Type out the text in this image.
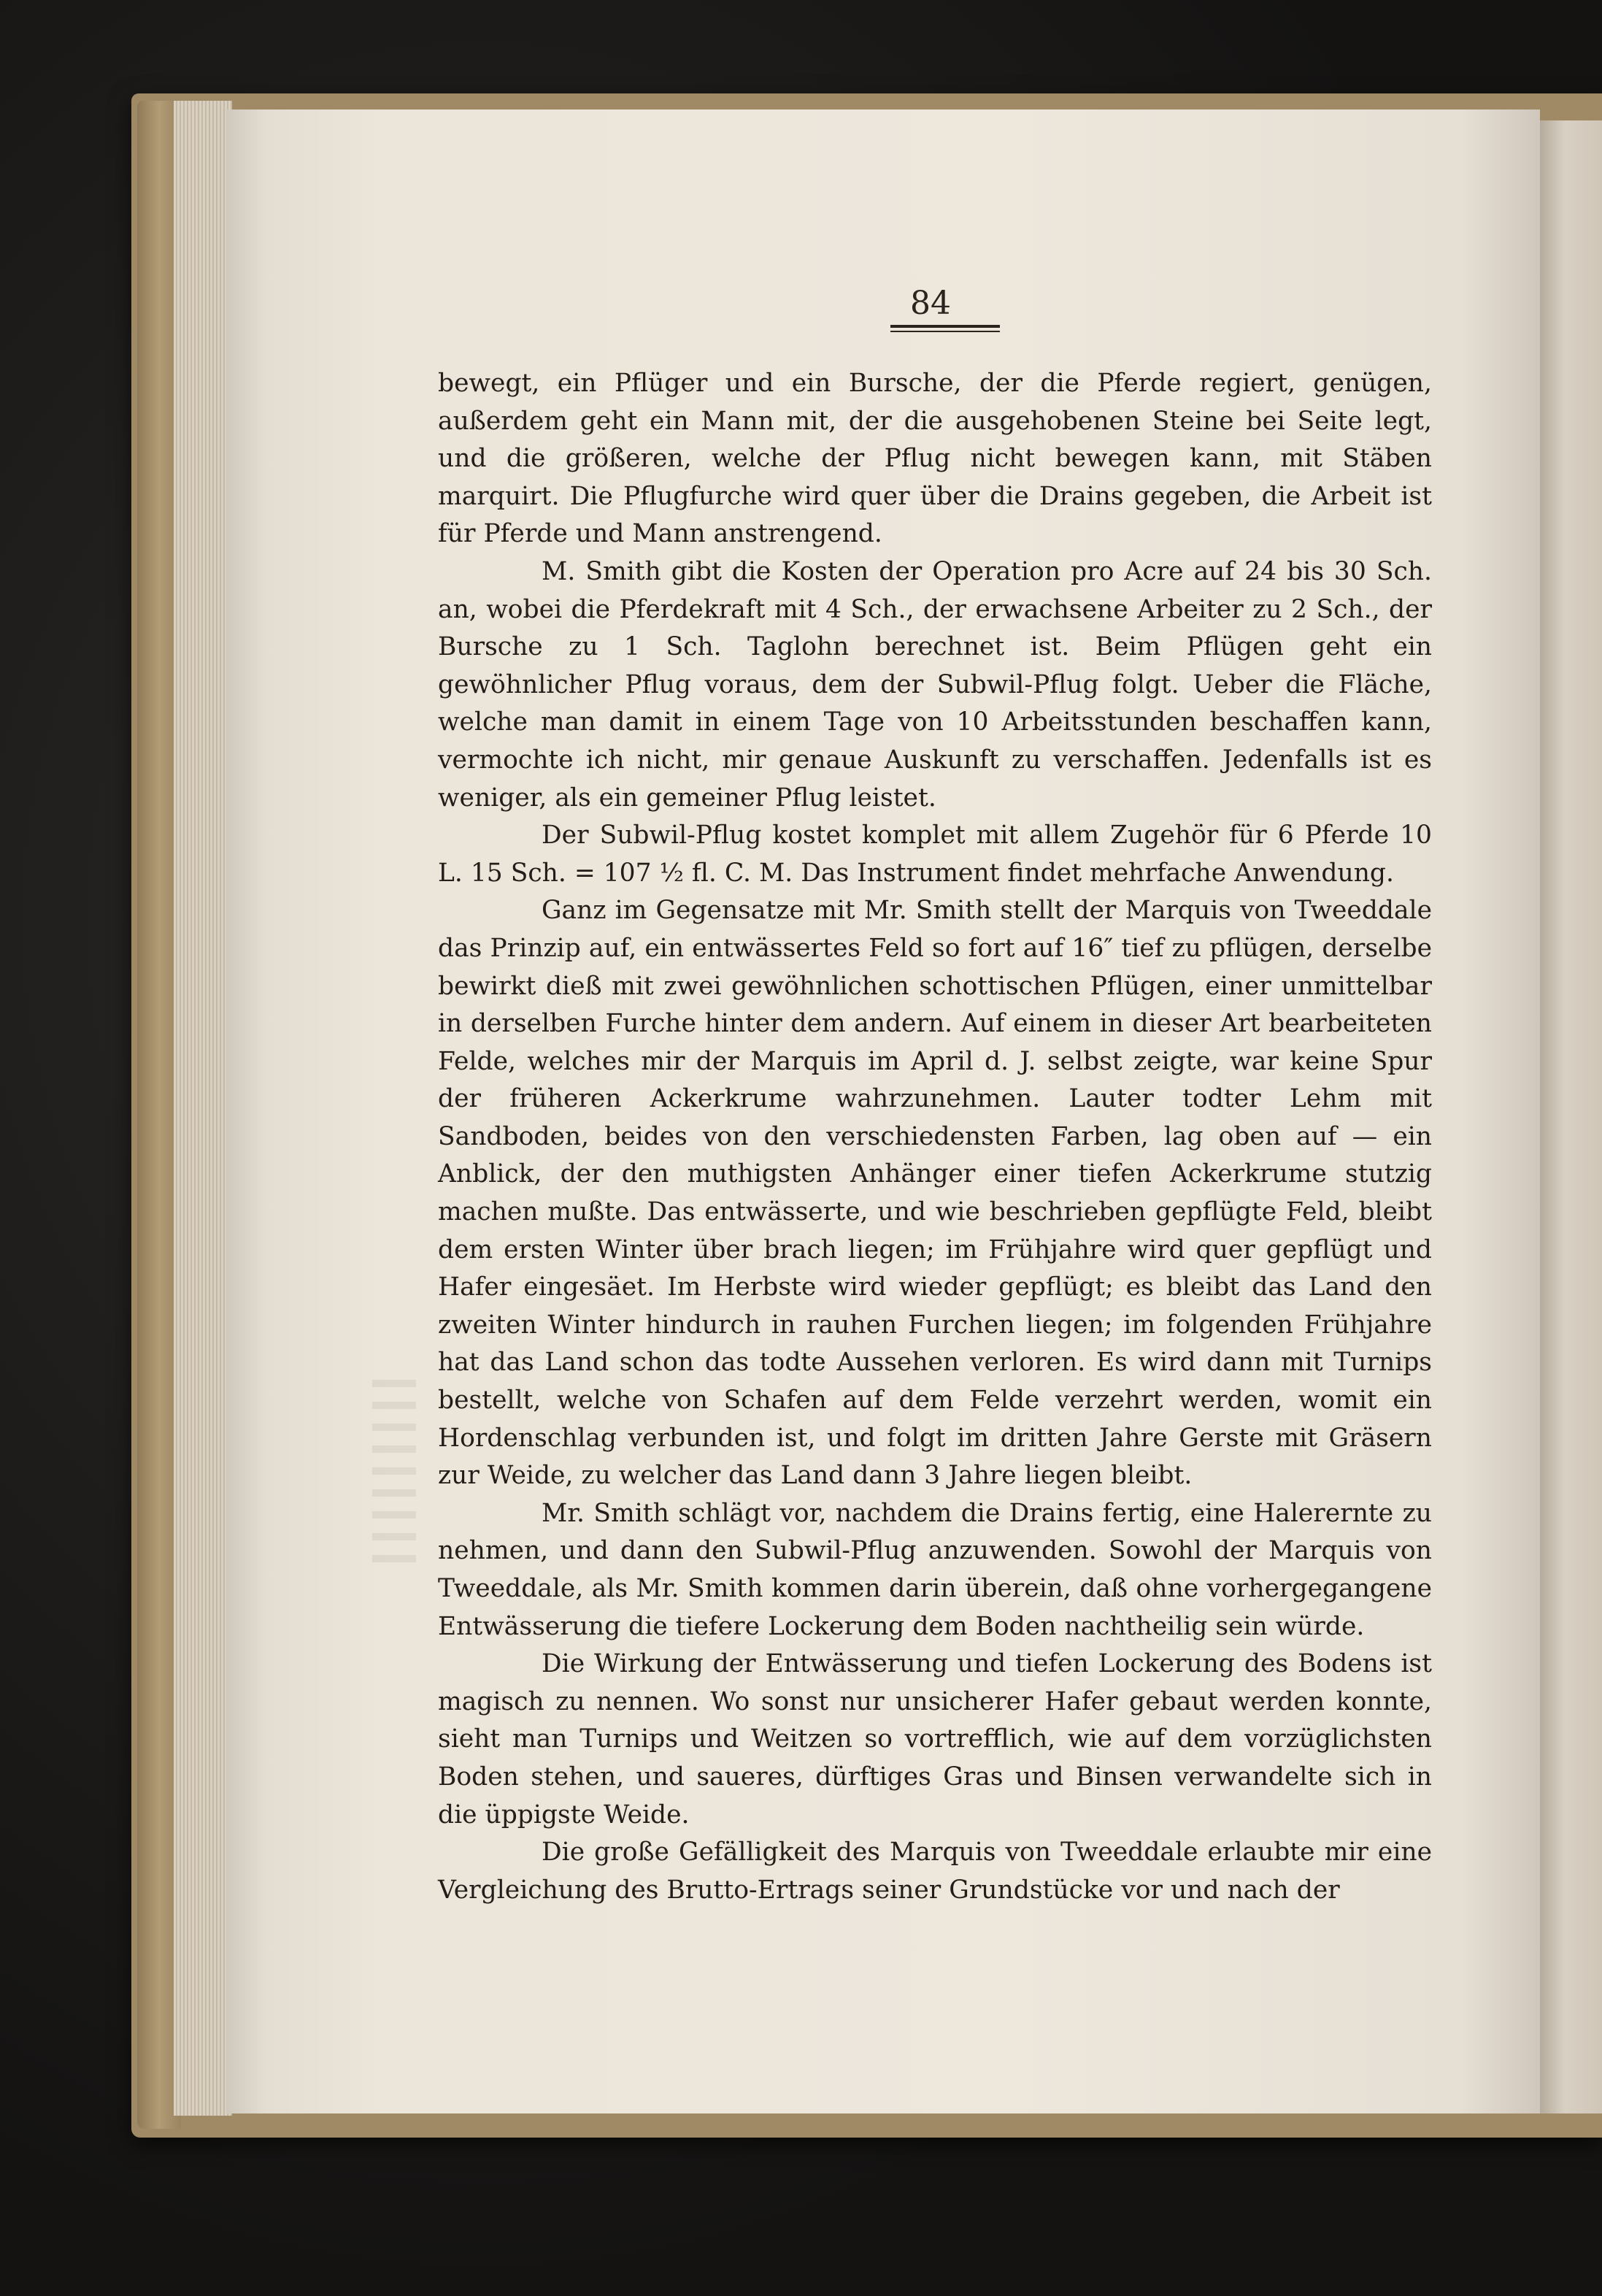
84

bewegt, ein Pflüger und ein Bursche, der die Pferde regiert, genügen, außerdem geht ein Mann mit, der die ausgehobenen Steine bei Seite legt, und die größeren, welche der Pflug nicht bewegen kann, mit Stäben marquirt. Die Pflugfurche wird quer über die Drains gegeben, die Arbeit ist für Pferde und Mann anstrengend.

M. Smith gibt die Kosten der Operation pro Acre auf 24 bis 30 Sch. an, wobei die Pferdekraft mit 4 Sch., der erwachsene Arbeiter zu 2 Sch., der Bursche zu 1 Sch. Taglohn berechnet ist. Beim Pflügen geht ein gewöhnlicher Pflug voraus, dem der Subwil-Pflug folgt. Ueber die Fläche, welche man damit in einem Tage von 10 Arbeitsstunden beschaffen kann, vermochte ich nicht, mir genaue Auskunft zu verschaffen. Jedenfalls ist es weniger, als ein gemeiner Pflug leistet.

Der Subwil-Pflug kostet komplet mit allem Zugehör für 6 Pferde 10 L. 15 Sch. = 107 ½ fl. C. M. Das Instrument findet mehrfache Anwendung.

Ganz im Gegensatze mit Mr. Smith stellt der Marquis von Tweeddale das Prinzip auf, ein entwässertes Feld so fort auf 16″ tief zu pflügen, derselbe bewirkt dieß mit zwei gewöhnlichen schottischen Pflügen, einer unmittelbar in derselben Furche hinter dem andern. Auf einem in dieser Art bearbeiteten Felde, welches mir der Marquis im April d. J. selbst zeigte, war keine Spur der früheren Ackerkrume wahrzunehmen. Lauter todter Lehm mit Sandboden, beides von den verschiedensten Farben, lag oben auf — ein Anblick, der den muthigsten Anhänger einer tiefen Ackerkrume stutzig machen mußte. Das entwässerte, und wie beschrieben gepflügte Feld, bleibt dem ersten Winter über brach liegen; im Frühjahre wird quer gepflügt und Hafer eingesäet. Im Herbste wird wieder gepflügt; es bleibt das Land den zweiten Winter hindurch in rauhen Furchen liegen; im folgenden Frühjahre hat das Land schon das todte Aussehen verloren. Es wird dann mit Turnips bestellt, welche von Schafen auf dem Felde verzehrt werden, womit ein Hordenschlag verbunden ist, und folgt im dritten Jahre Gerste mit Gräsern zur Weide, zu welcher das Land dann 3 Jahre liegen bleibt.

Mr. Smith schlägt vor, nachdem die Drains fertig, eine Halerernte zu nehmen, und dann den Subwil-Pflug anzuwenden. Sowohl der Marquis von Tweeddale, als Mr. Smith kommen darin überein, daß ohne vorhergegangene Entwässerung die tiefere Lockerung dem Boden nachtheilig sein würde.

Die Wirkung der Entwässerung und tiefen Lockerung des Bodens ist magisch zu nennen. Wo sonst nur unsicherer Hafer gebaut werden konnte, sieht man Turnips und Weitzen so vortrefflich, wie auf dem vorzüglichsten Boden stehen, und saueres, dürftiges Gras und Binsen verwandelte sich in die üppigste Weide.

Die große Gefälligkeit des Marquis von Tweeddale erlaubte mir eine Vergleichung des Brutto-Ertrags seiner Grundstücke vor und nach der
